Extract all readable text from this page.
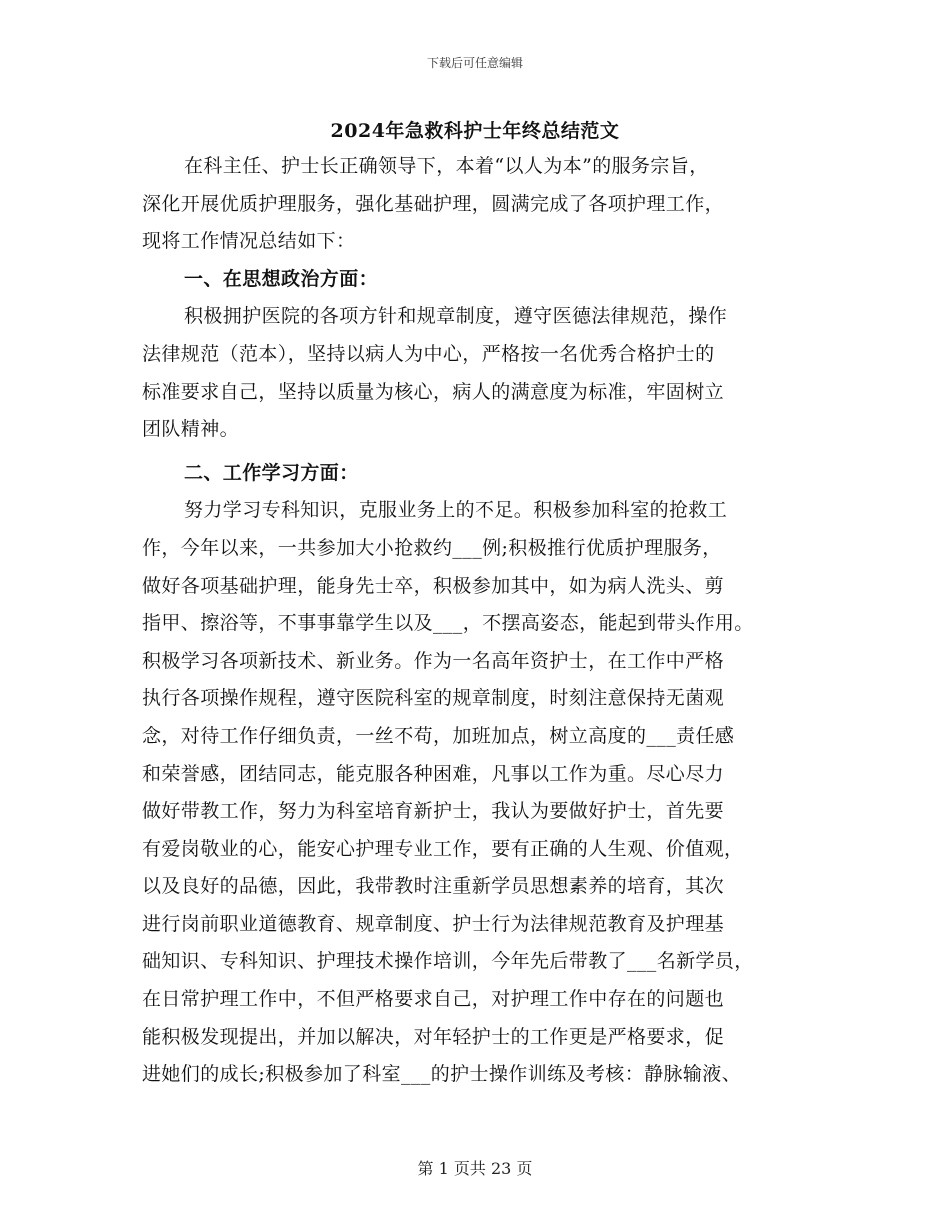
下载后可任意编辑
2024年急救科护士年终总结范文
在科主任、护士长正确领导下，本着“以人为本”的服务宗旨，
深化开展优质护理服务，强化基础护理，圆满完成了各项护理工作，
现将工作情况总结如下：
一、在思想政治方面：
积极拥护医院的各项方针和规章制度，遵守医德法律规范，操作
法律规范（范本），坚持以病人为中心，严格按一名优秀合格护士的
标准要求自己，坚持以质量为核心，病人的满意度为标准，牢固树立
团队精神。
二、工作学习方面：
努力学习专科知识，克服业务上的不足。积极参加科室的抢救工
作，今年以来，一共参加大小抢救约___例;积极推行优质护理服务，
做好各项基础护理，能身先士卒，积极参加其中，如为病人洗头、剪
指甲、擦浴等，不事事靠学生以及___，不摆高姿态，能起到带头作用。
积极学习各项新技术、新业务。作为一名高年资护士，在工作中严格
执行各项操作规程，遵守医院科室的规章制度，时刻注意保持无菌观
念，对待工作仔细负责，一丝不苟，加班加点，树立高度的___责任感
和荣誉感，团结同志，能克服各种困难，凡事以工作为重。尽心尽力
做好带教工作，努力为科室培育新护士，我认为要做好护士，首先要
有爱岗敬业的心，能安心护理专业工作，要有正确的人生观、价值观，
以及良好的品德，因此，我带教时注重新学员思想素养的培育，其次
进行岗前职业道德教育、规章制度、护士行为法律规范教育及护理基
础知识、专科知识、护理技术操作培训，今年先后带教了___名新学员，
在日常护理工作中，不但严格要求自己，对护理工作中存在的问题也
能积极发现提出，并加以解决，对年轻护士的工作更是严格要求，促
进她们的成长;积极参加了科室___的护士操作训练及考核：静脉输液、
第 1 页共 23 页
